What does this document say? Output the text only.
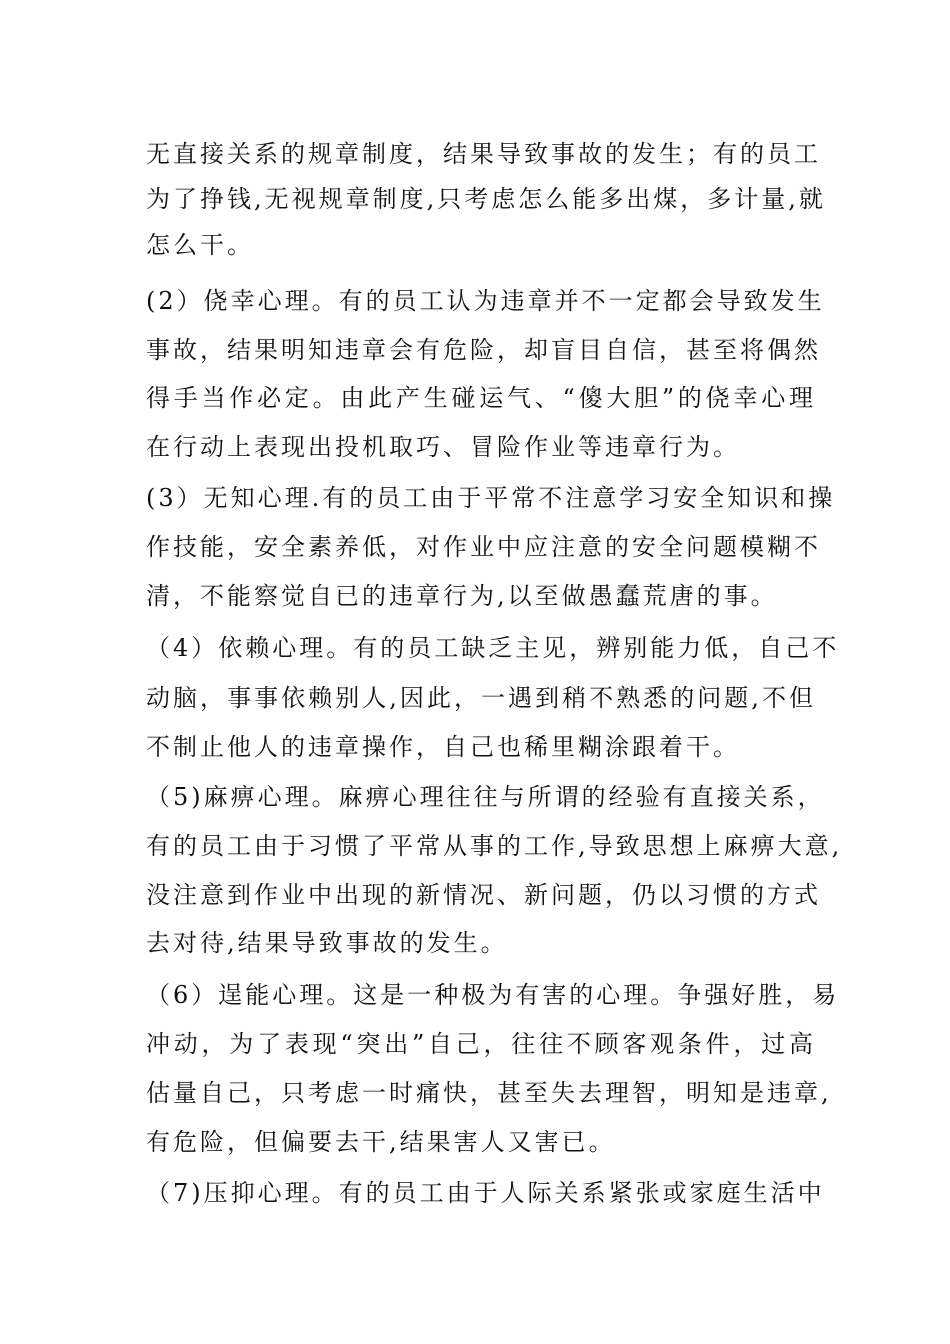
无直接关系的规章制度，结果导致事故的发生；有的员工
为了挣钱,无视规章制度,只考虑怎么能多出煤，多计量,就
怎么干。
(2）侥幸心理。有的员工认为违章并不一定都会导致发生
事故，结果明知违章会有危险，却盲目自信，甚至将偶然
得手当作必定。由此产生碰运气、“傻大胆”的侥幸心理
在行动上表现出投机取巧、冒险作业等违章行为。
(3）无知心理.有的员工由于平常不注意学习安全知识和操
作技能，安全素养低，对作业中应注意的安全问题模糊不
清，不能察觉自已的违章行为,以至做愚蠢荒唐的事。
（4）依赖心理。有的员工缺乏主见，辨别能力低，自己不
动脑，事事依赖别人,因此，一遇到稍不熟悉的问题,不但
不制止他人的违章操作，自己也稀里糊涂跟着干。
（5)麻痹心理。麻痹心理往往与所谓的经验有直接关系，
有的员工由于习惯了平常从事的工作,导致思想上麻痹大意,
没注意到作业中出现的新情况、新问题，仍以习惯的方式
去对待,结果导致事故的发生。
（6）逞能心理。这是一种极为有害的心理。争强好胜，易
冲动，为了表现“突出”自己，往往不顾客观条件，过高
估量自己，只考虑一时痛快，甚至失去理智，明知是违章,
有危险，但偏要去干,结果害人又害已。
（7)压抑心理。有的员工由于人际关系紧张或家庭生活中
